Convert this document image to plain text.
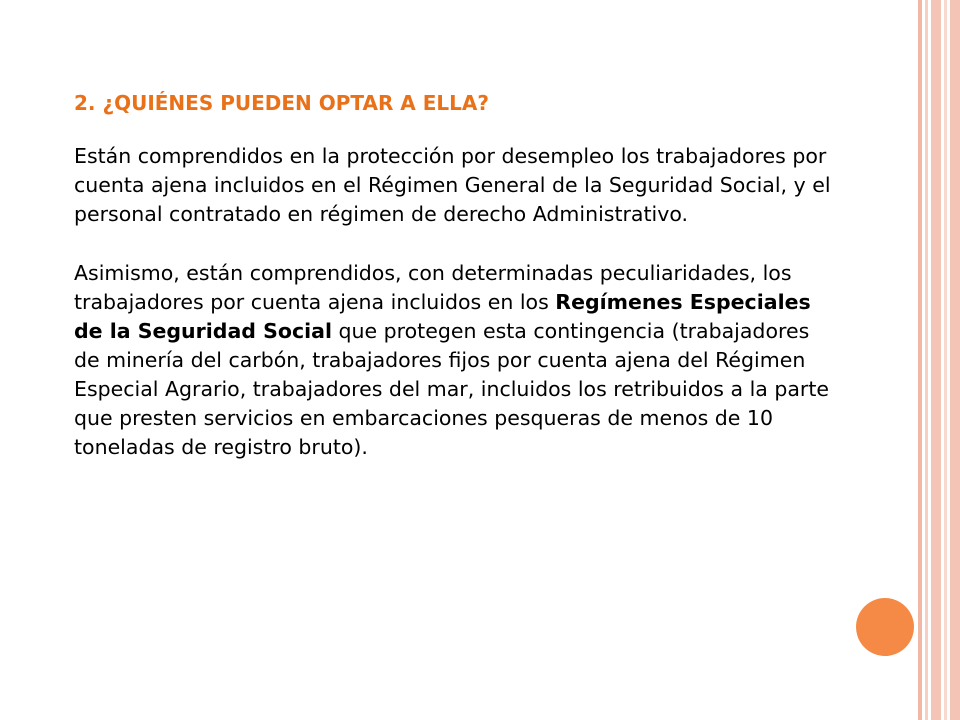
2. ¿QUIÉNES PUEDEN OPTAR A ELLA?

Están comprendidos en la protección por desempleo los trabajadores por cuenta ajena incluidos en el Régimen General de la Seguridad Social, y el personal contratado en régimen de derecho Administrativo.

Asimismo, están comprendidos, con determinadas peculiaridades, los trabajadores por cuenta ajena incluidos en los Regímenes Especiales de la Seguridad Social que protegen esta contingencia (trabajadores de minería del carbón, trabajadores fijos por cuenta ajena del Régimen Especial Agrario, trabajadores del mar, incluidos los retribuidos a la parte que presten servicios en embarcaciones pesqueras de menos de 10 toneladas de registro bruto).
